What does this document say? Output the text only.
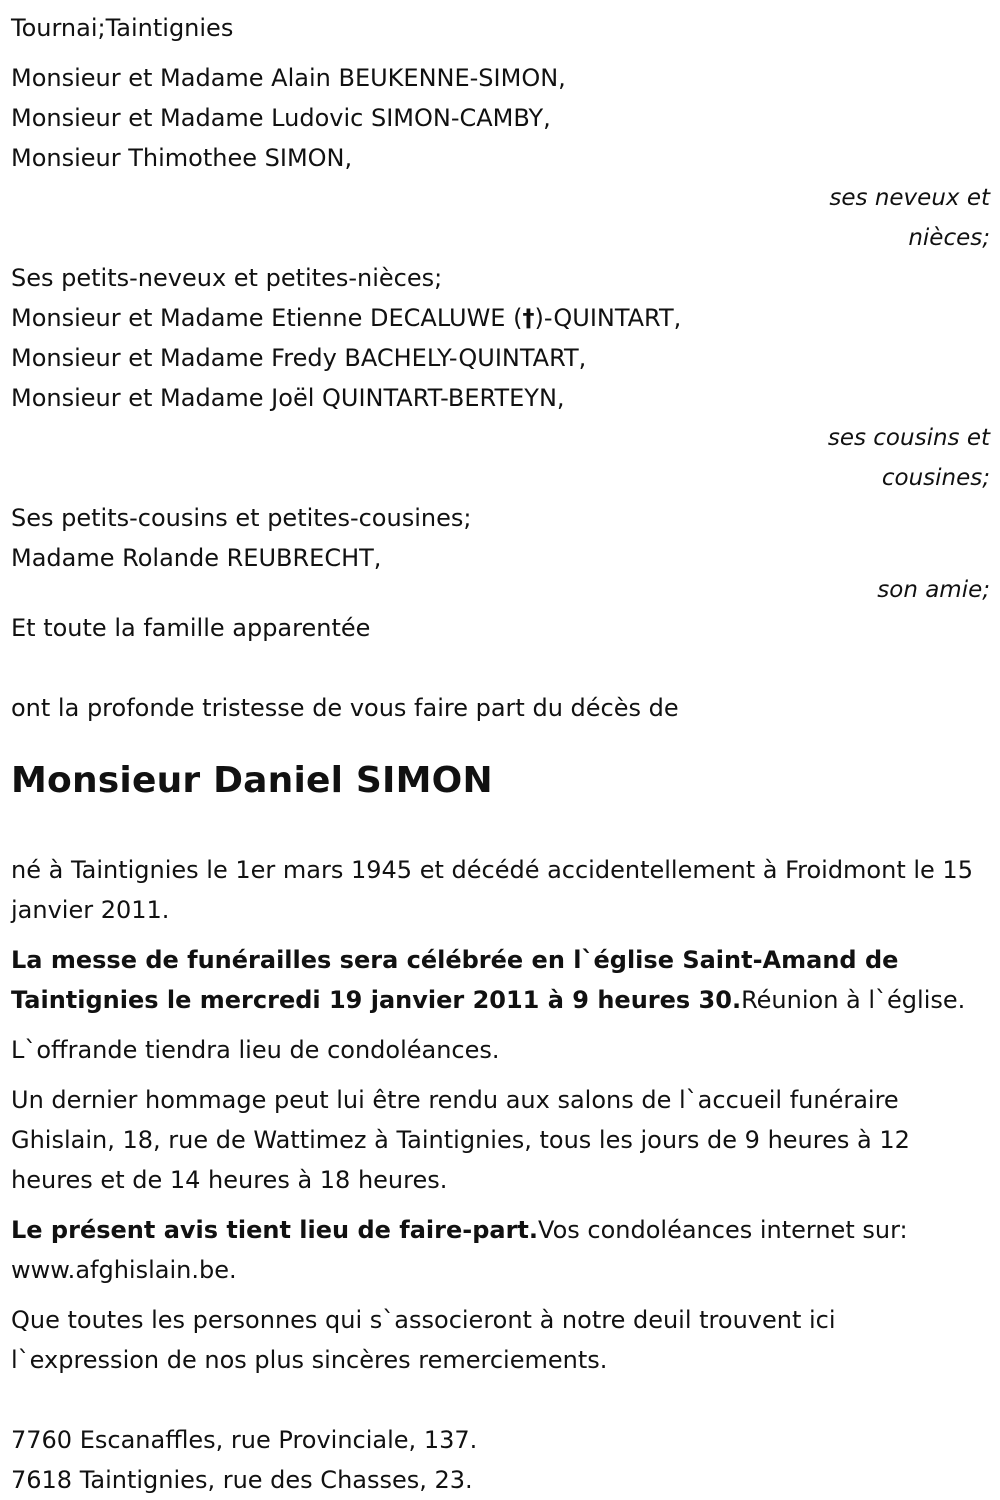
Tournai;Taintignies
Monsieur et Madame Alain BEUKENNE-SIMON,
Monsieur et Madame Ludovic SIMON-CAMBY,
Monsieur Thimothee SIMON,
ses neveux et
nièces;
Ses petits-neveux et petites-nièces;
Monsieur et Madame Etienne DECALUWE (†)-QUINTART,
Monsieur et Madame Fredy BACHELY-QUINTART,
Monsieur et Madame Joël QUINTART-BERTEYN,
ses cousins et
cousines;
Ses petits-cousins et petites-cousines;
Madame Rolande REUBRECHT,
son amie;
Et toute la famille apparentée
ont la profonde tristesse de vous faire part du décès de
Monsieur Daniel SIMON

né à Taintignies le 1er mars 1945 et décédé accidentellement à Froidmont le 15 janvier 2011.

La messe de funérailles sera célébrée en l`église Saint-Amand de Taintignies le mercredi 19 janvier 2011 à 9 heures 30.Réunion à l`église.

L`offrande tiendra lieu de condoléances.

Un dernier hommage peut lui être rendu aux salons de l`accueil funéraire Ghislain, 18, rue de Wattimez à Taintignies, tous les jours de 9 heures à 12 heures et de 14 heures à 18 heures.

Le présent avis tient lieu de faire-part.Vos condoléances internet sur: www.afghislain.be.

Que toutes les personnes qui s`associeront à notre deuil trouvent ici l`expression de nos plus sincères remerciements.

7760 Escanaffles, rue Provinciale, 137.
7618 Taintignies, rue des Chasses, 23.
